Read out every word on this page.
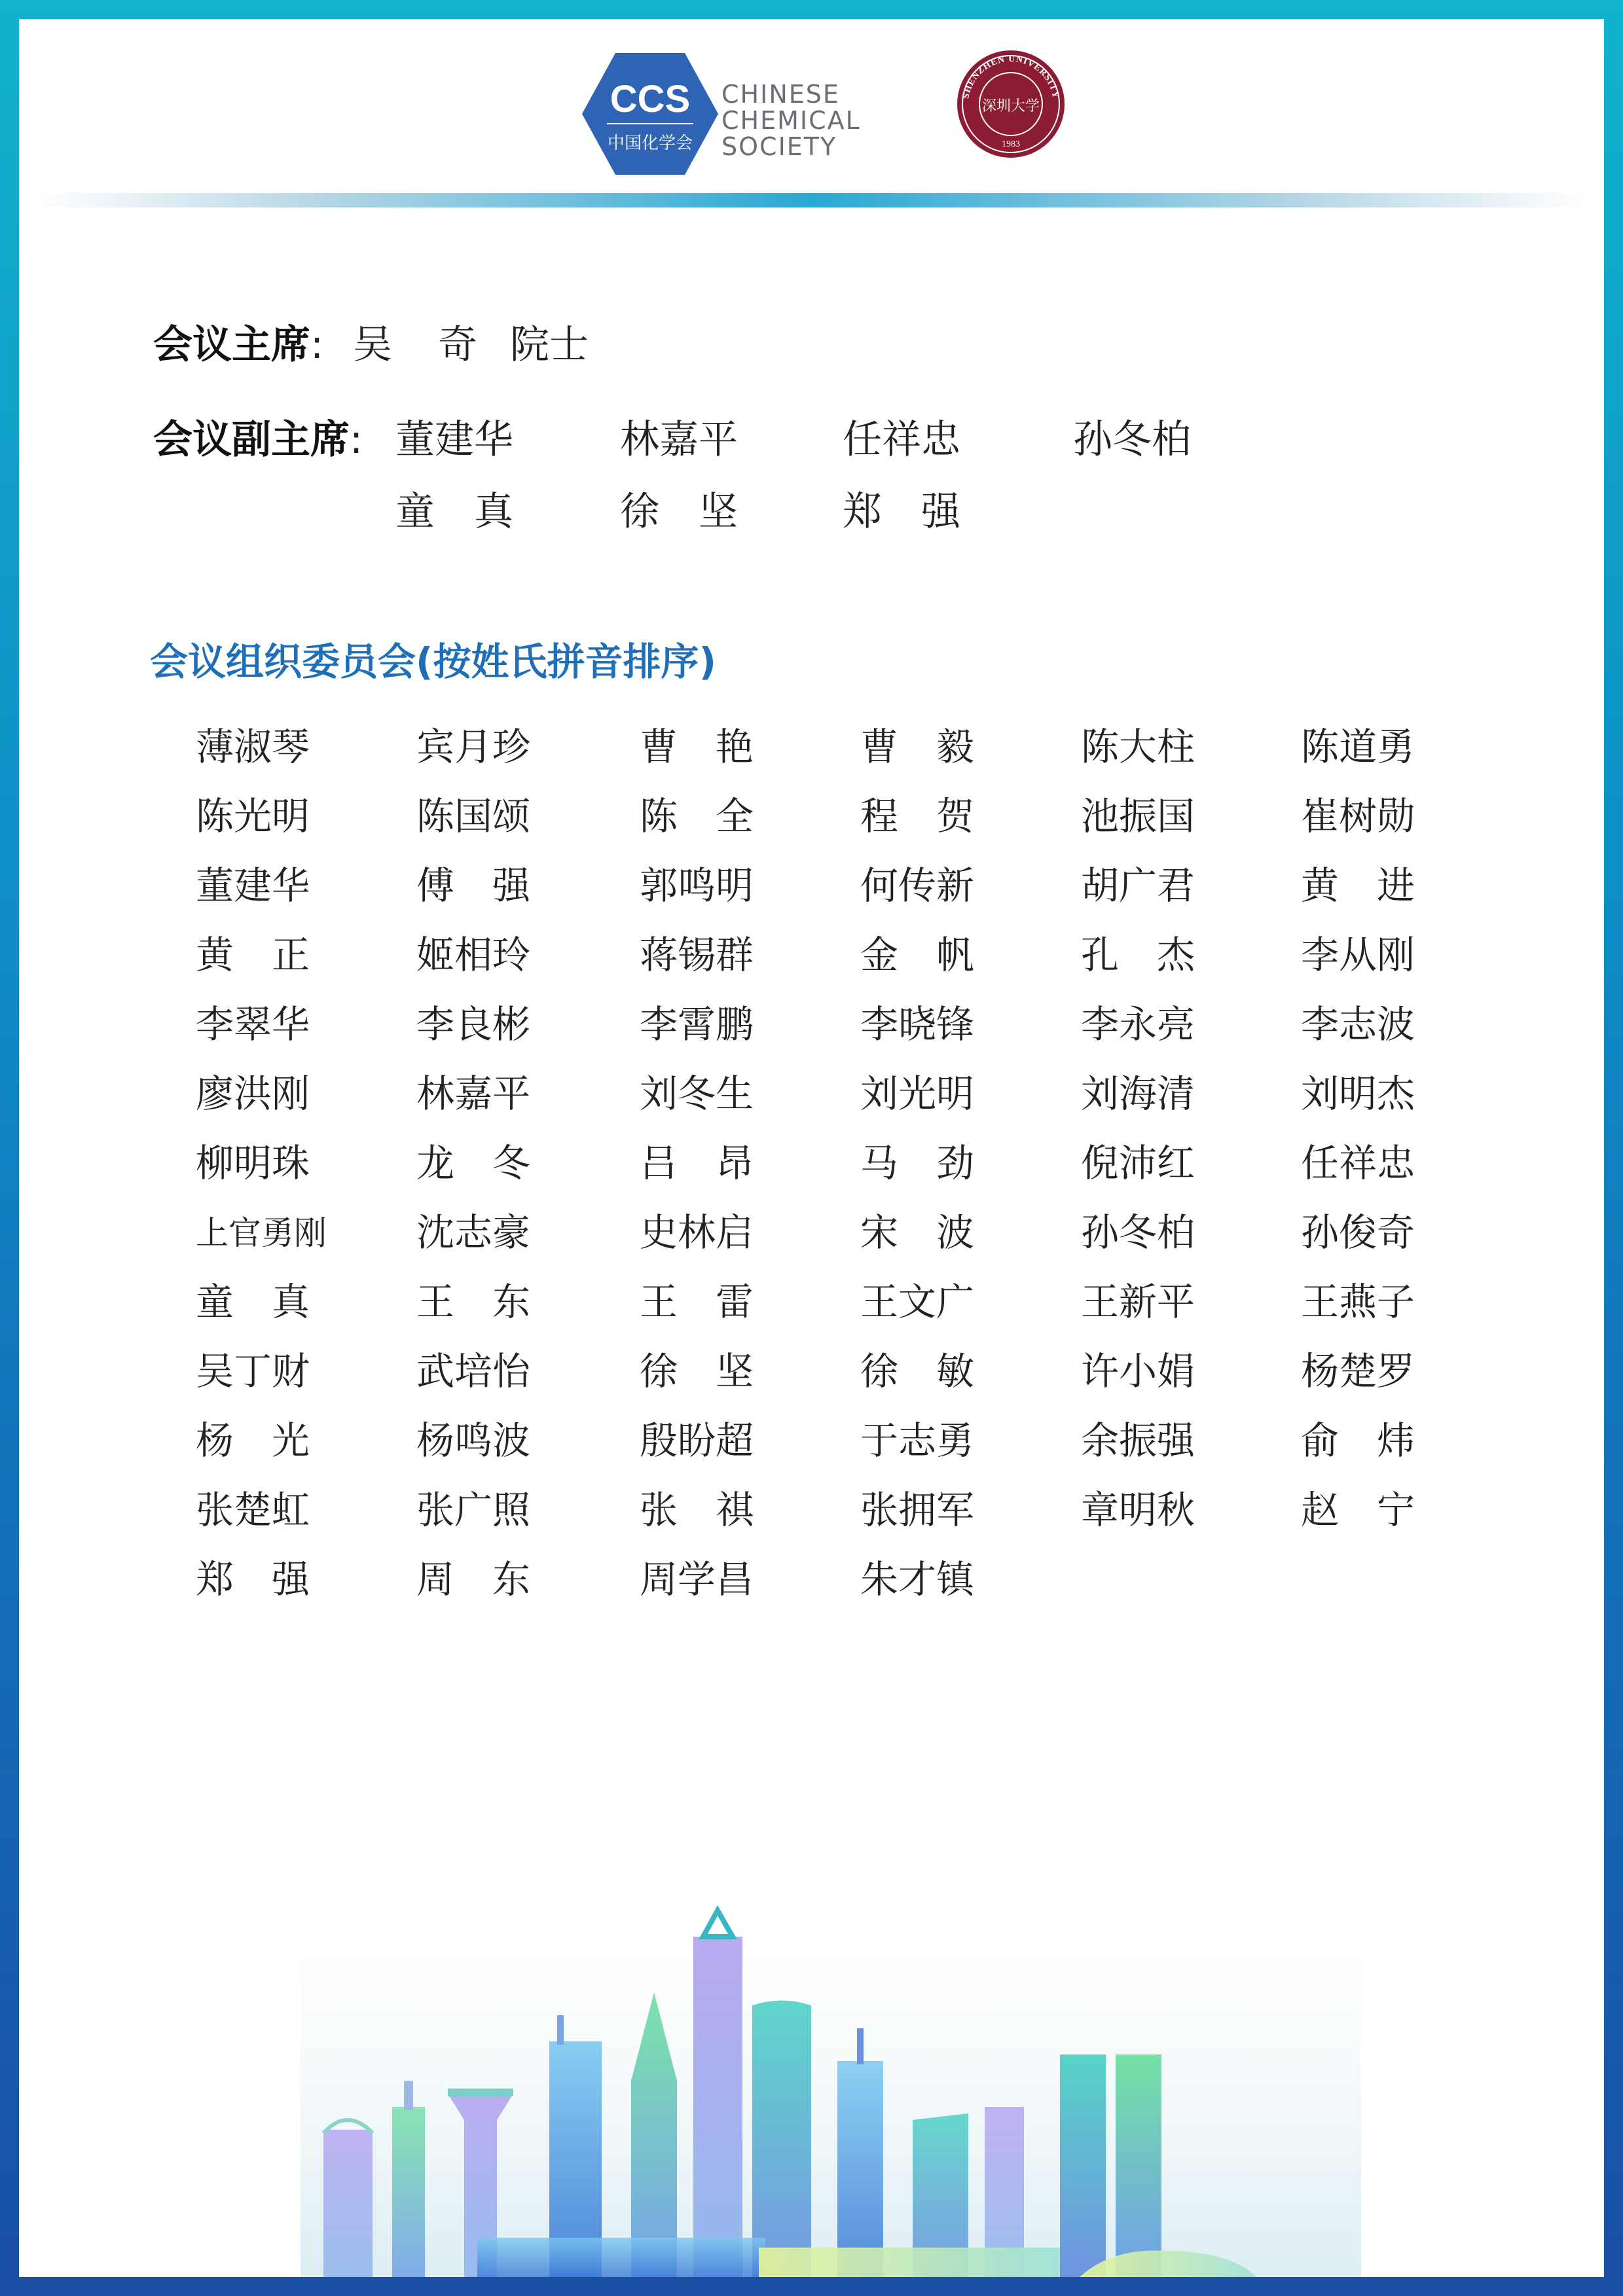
CCS
中国化学会
CHINESE
CHEMICAL
SOCIETY
SHENZHEN UNIVERSITY
1983
深圳大学
会议主席: 吴 奇 院士
会议副主席: 董建华	林嘉平	任祥忠	孙冬柏
童　真	徐　坚	郑　强
会议组织委员会(按姓氏拼音排序)
薄淑琴	宾月珍	曹　艳	曹　毅	陈大柱	陈道勇
陈光明	陈国颂	陈　全	程　贺	池振国	崔树勋
董建华	傅　强	郭鸣明	何传新	胡广君	黄　进
黄　正	姬相玲	蒋锡群	金　帆	孔　杰	李从刚
李翠华	李良彬	李霄鹏	李晓锋	李永亮	李志波
廖洪刚	林嘉平	刘冬生	刘光明	刘海清	刘明杰
柳明珠	龙　冬	吕　昂	马　劲	倪沛红	任祥忠
上官勇刚 沈志豪	史林启	宋　波	孙冬柏	孙俊奇
童　真	王　东	王　雷	王文广	王新平	王燕子
吴丁财	武培怡	徐　坚	徐　敏	许小娟	杨楚罗
杨　光	杨鸣波	殷盼超	于志勇	余振强	俞　炜
张楚虹	张广照	张　祺	张拥军	章明秋	赵　宁
郑　强	周　东	周学昌	朱才镇
